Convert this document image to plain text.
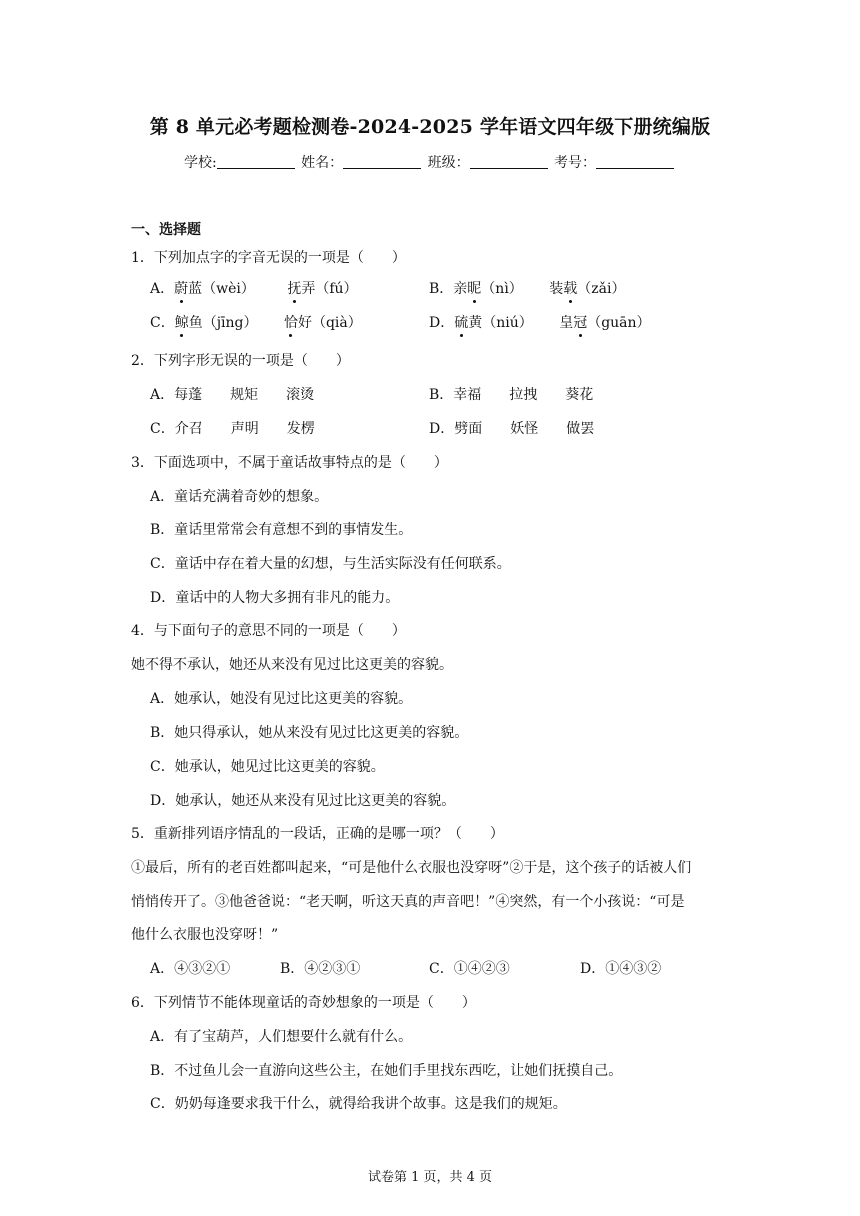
第 8 单元必考题检测卷-2024-2025 学年语文四年级下册统编版
学校:	姓名：	班级：	考号：
一、选择题
1．下列加点字的字音无误的一项是（　　）
A．蔚蓝（wèi） 抚弄（fú）	B．亲昵（nì） 装载（zǎi）
C．鲸鱼（jīng） 恰好（qià）	D．硫黄（niú） 皇冠（guān）
2．下列字形无误的一项是（　　）
A．每蓬　　规矩　　滚烫	B．幸福　　拉拽　　葵花
C．介召　　声明　　发楞	D．劈面　　妖怪　　做罢
3．下面选项中，不属于童话故事特点的是（　　）
A．童话充满着奇妙的想象。
B．童话里常常会有意想不到的事情发生。
C．童话中存在着大量的幻想，与生活实际没有任何联系。
D．童话中的人物大多拥有非凡的能力。
4．与下面句子的意思不同的一项是（　　）
她不得不承认，她还从来没有见过比这更美的容貌。
A．她承认，她没有见过比这更美的容貌。
B．她只得承认，她从来没有见过比这更美的容貌。
C．她承认，她见过比这更美的容貌。
D．她承认，她还从来没有见过比这更美的容貌。
5．重新排列语序情乱的一段话，正确的是哪一项？（　　）
①最后，所有的老百姓都叫起来，“可是他什么衣服也没穿呀”②于是，这个孩子的话被人们
悄悄传开了。③他爸爸说：“老天啊，听这天真的声音吧！”④突然，有一个小孩说：“可是
他什么衣服也没穿呀！”
A．④③②①	B．④②③①	C．①④②③	D．①④③②
6．下列情节不能体现童话的奇妙想象的一项是（　　）
A．有了宝葫芦，人们想要什么就有什么。
B．不过鱼儿会一直游向这些公主，在她们手里找东西吃，让她们抚摸自己。
C．奶奶每逢要求我干什么，就得给我讲个故事。这是我们的规矩。
试卷第 1 页，共 4 页
